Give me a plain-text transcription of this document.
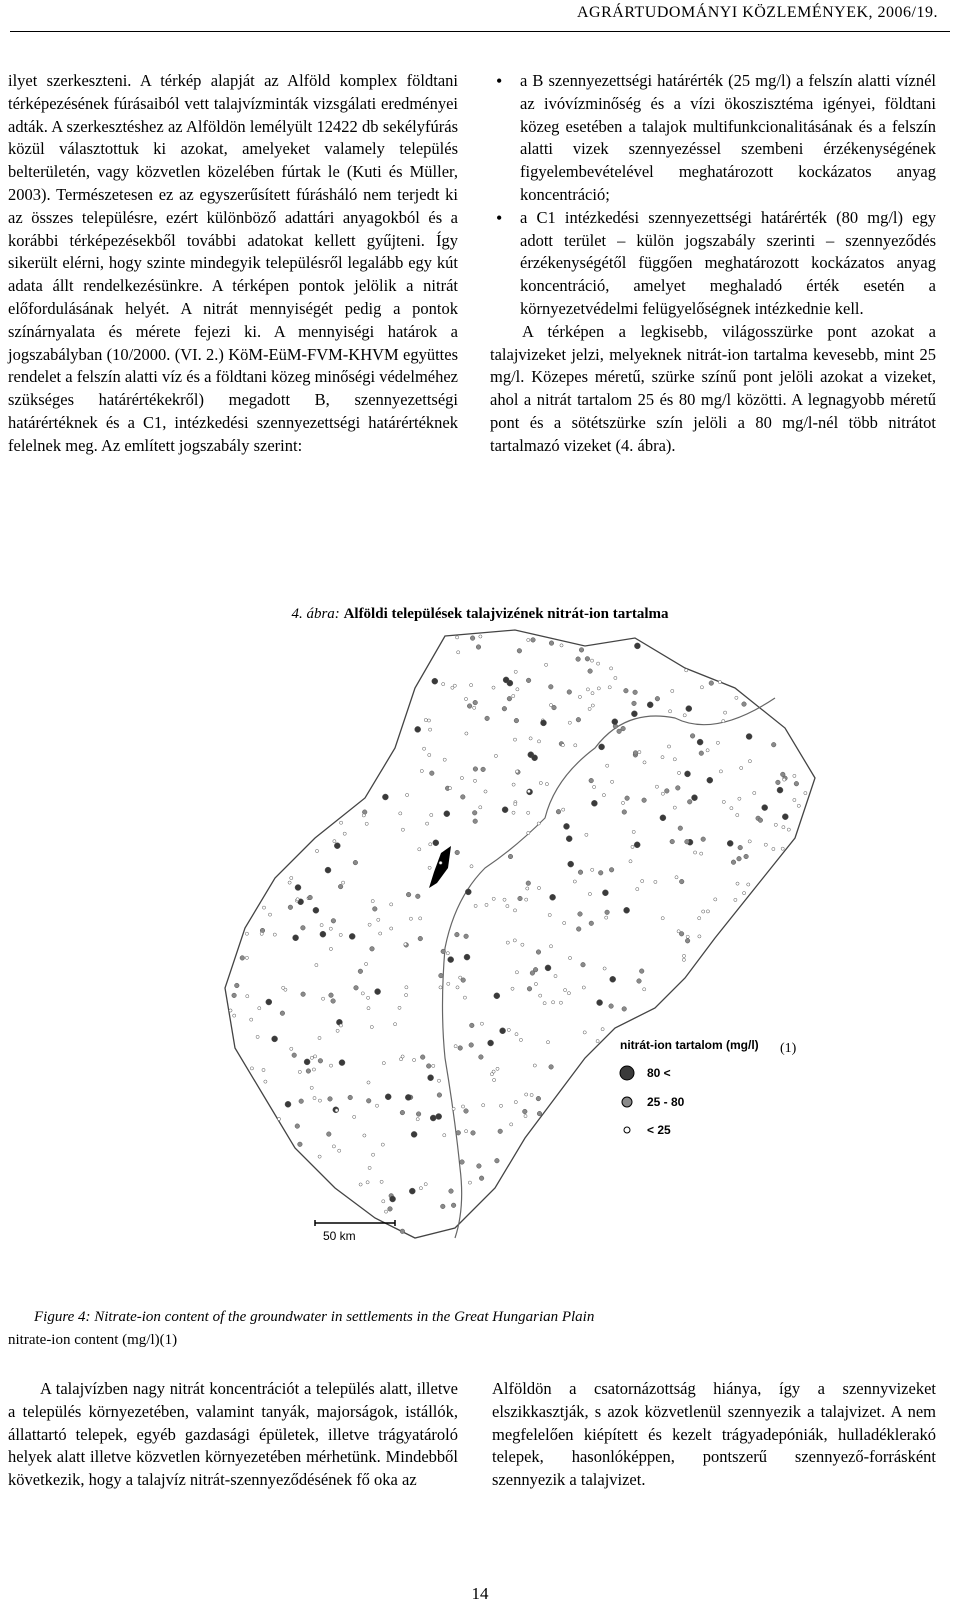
AGRÁRTUDOMÁNYI KÖZLEMÉNYEK, 2006/19.

ilyet szerkeszteni. A térkép alapját az Alföld komplex földtani térképezésének fúrásaiból vett talajvízminták vizsgálati eredményei adták. A szerkesztéshez az Alföldön lemélyült 12422 db sekélyfúrás közül választottuk ki azokat, amelyeket valamely település belterületén, vagy közvetlen közelében fúrtak le (Kuti és Müller, 2003). Természetesen ez az egyszerűsített fúrásháló nem terjedt ki az összes településre, ezért különböző adattári anyagokból és a korábbi térképezésekből további adatokat kellett gyűjteni. Így sikerült elérni, hogy szinte mindegyik településről legalább egy kút adata állt rendelkezésünkre. A térképen pontok jelölik a nitrát előfordulásának helyét. A nitrát mennyiségét pedig a pontok színárnyalata és mérete fejezi ki. A mennyiségi határok a jogszabályban (10/2000. (VI. 2.) KöM-EüM-FVM-KHVM együttes rendelet a felszín alatti víz és a földtani közeg minőségi védelméhez szükséges határértékekről) megadott B, szennyezettségi határértéknek és a C1, intézkedési szennyezettségi határértéknek felelnek meg. Az említett jogszabály szerint:

• a B szennyezettségi határérték (25 mg/l) a felszín alatti víznél az ivóvízminőség és a vízi ökoszisztéma igényei, földtani közeg esetében a talajok multifunkcionalitásának és a felszín alatti vizek szennyezéssel szembeni érzékenységének figyelembevételével meghatározott kockázatos anyag koncentráció;
• a C1 intézkedési szennyezettségi határérték (80 mg/l) egy adott terület – külön jogszabály szerinti – szennyeződés érzékenységétől függően meghatározott kockázatos anyag koncentráció, amelyet meghaladó érték esetén a környezetvédelmi felügyelőségnek intézkednie kell.

A térképen a legkisebb, világosszürke pont azokat a talajvizeket jelzi, melyeknek nitrát-ion tartalma kevesebb, mint 25 mg/l. Közepes méretű, szürke színű pont jelöli azokat a vizeket, ahol a nitrát tartalom 25 és 80 mg/l közötti. A legnagyobb méretű pont és a sötétszürke szín jelöli a 80 mg/l-nél több nitrátot tartalmazó vizeket (4. ábra).

4. ábra: Alföldi települések talajvizének nitrát-ion tartalma
nitrát-ion tartalom (mg/l) (1)
80 <
25 - 80
< 25
50 km
Figure 4: Nitrate-ion content of the groundwater in settlements in the Great Hungarian Plain
nitrate-ion content (mg/l)(1)

A talajvízben nagy nitrát koncentrációt a település alatt, illetve a település környezetében, valamint tanyák, majorságok, istállók, állattartó telepek, egyéb gazdasági épületek, illetve trágyatároló helyek alatt illetve közvetlen környezetében mérhetünk. Mindebből következik, hogy a talajvíz nitrát-szennyeződésének fő oka az

Alföldön a csatornázottság hiánya, így a szennyvizeket elszikkasztják, s azok közvetlenül szennyezik a talajvizet. A nem megfelelően kiépített és kezelt trágyadepóniák, hulladéklerakó telepek, hasonlóképpen, pontszerű szennyező-forrásként szennyezik a talajvizet.

14
